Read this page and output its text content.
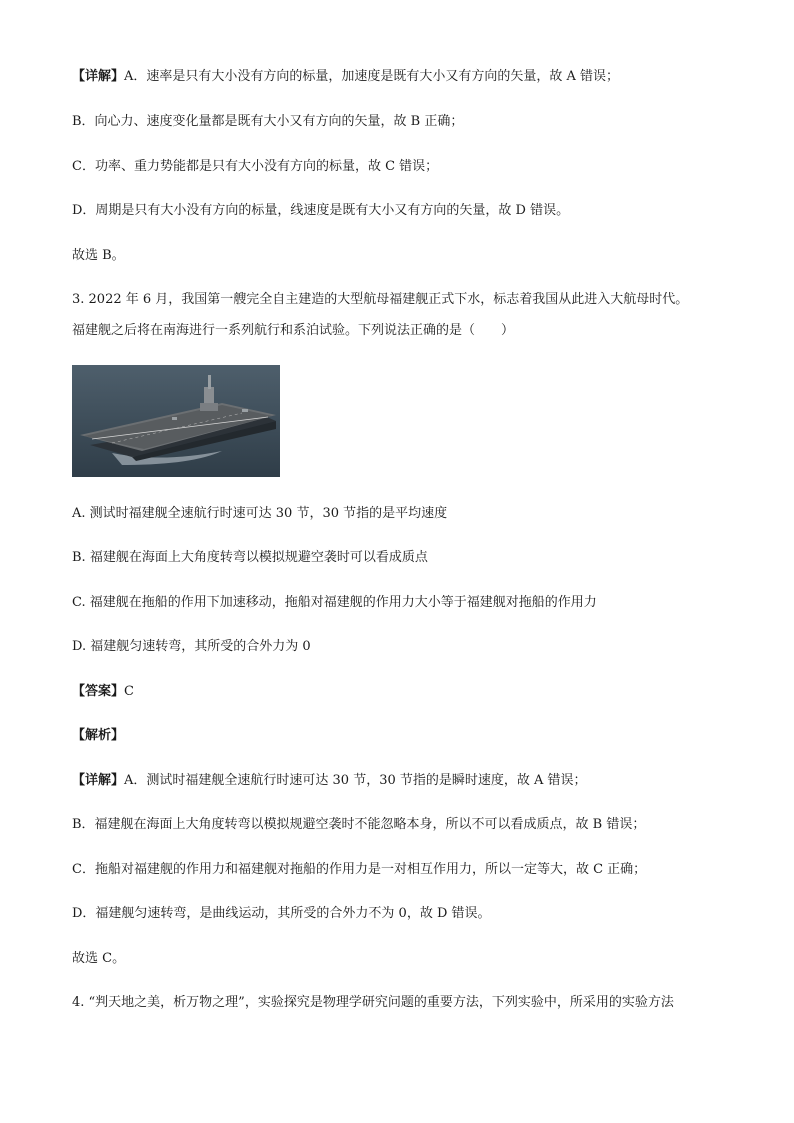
【详解】A．速率是只有大小没有方向的标量，加速度是既有大小又有方向的矢量，故 A 错误；
B．向心力、速度变化量都是既有大小又有方向的矢量，故 B 正确；
C．功率、重力势能都是只有大小没有方向的标量，故 C 错误；
D．周期是只有大小没有方向的标量，线速度是既有大小又有方向的矢量，故 D 错误。
故选 B。
3. 2022 年 6 月，我国第一艘完全自主建造的大型航母福建舰正式下水，标志着我国从此进入大航母时代。
福建舰之后将在南海进行一系列航行和系泊试验。下列说法正确的是（　　）
A. 测试时福建舰全速航行时速可达 30 节，30 节指的是平均速度
B. 福建舰在海面上大角度转弯以模拟规避空袭时可以看成质点
C. 福建舰在拖船的作用下加速移动，拖船对福建舰的作用力大小等于福建舰对拖船的作用力
D. 福建舰匀速转弯，其所受的合外力为 0
【答案】C
【解析】
【详解】A．测试时福建舰全速航行时速可达 30 节，30 节指的是瞬时速度，故 A 错误；
B．福建舰在海面上大角度转弯以模拟规避空袭时不能忽略本身，所以不可以看成质点，故 B 错误；
C．拖船对福建舰的作用力和福建舰对拖船的作用力是一对相互作用力，所以一定等大，故 C 正确；
D．福建舰匀速转弯，是曲线运动，其所受的合外力不为 0，故 D 错误。
故选 C。
4. “判天地之美，析万物之理”，实验探究是物理学研究问题的重要方法，下列实验中，所采用的实验方法
